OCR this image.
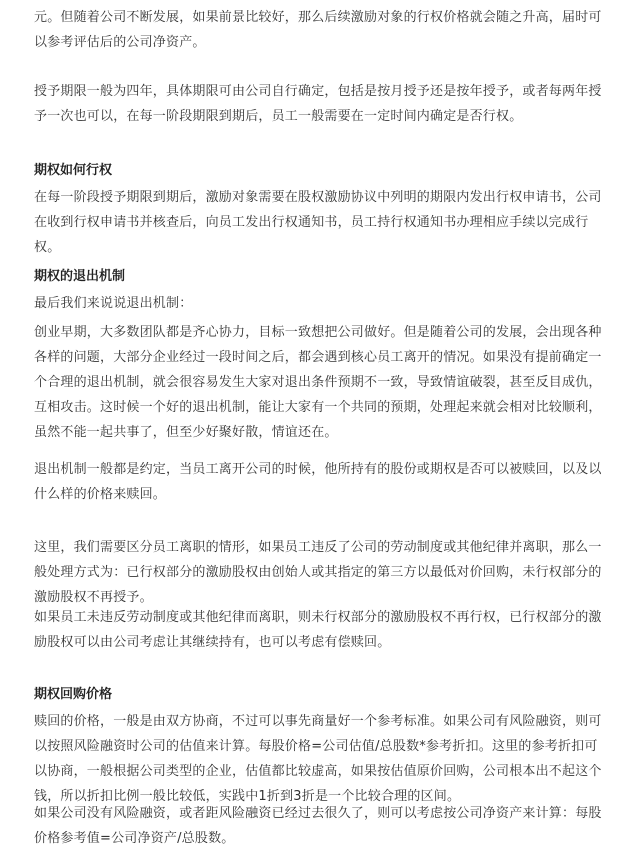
元。但随着公司不断发展，如果前景比较好，那么后续激励对象的行权价格就会随之升高，届时可以参考评估后的公司净资产。

授予期限一般为四年，具体期限可由公司自行确定，包括是按月授予还是按年授予，或者每两年授予一次也可以，在每一阶段期限到期后，员工一般需要在一定时间内确定是否行权。

期权如何行权

在每一阶段授予期限到期后，激励对象需要在股权激励协议中列明的期限内发出行权申请书，公司在收到行权申请书并核查后，向员工发出行权通知书，员工持行权通知书办理相应手续以完成行权。

期权的退出机制

最后我们来说说退出机制：

创业早期，大多数团队都是齐心协力，目标一致想把公司做好。但是随着公司的发展，会出现各种各样的问题，大部分企业经过一段时间之后，都会遇到核心员工离开的情况。如果没有提前确定一个合理的退出机制，就会很容易发生大家对退出条件预期不一致，导致情谊破裂，甚至反目成仇，互相攻击。这时候一个好的退出机制，能让大家有一个共同的预期，处理起来就会相对比较顺利，虽然不能一起共事了，但至少好聚好散，情谊还在。

退出机制一般都是约定，当员工离开公司的时候，他所持有的股份或期权是否可以被赎回，以及以什么样的价格来赎回。

这里，我们需要区分员工离职的情形，如果员工违反了公司的劳动制度或其他纪律并离职，那么一般处理方式为：已行权部分的激励股权由创始人或其指定的第三方以最低对价回购，未行权部分的激励股权不再授予。

如果员工未违反劳动制度或其他纪律而离职，则未行权部分的激励股权不再行权，已行权部分的激励股权可以由公司考虑让其继续持有，也可以考虑有偿赎回。

期权回购价格

赎回的价格，一般是由双方协商，不过可以事先商量好一个参考标准。如果公司有风险融资，则可以按照风险融资时公司的估值来计算。每股价格=公司估值/总股数*参考折扣。这里的参考折扣可以协商，一般根据公司类型的企业，估值都比较虚高，如果按估值原价回购，公司根本出不起这个钱，所以折扣比例一般比较低，实践中1折到3折是一个比较合理的区间。

如果公司没有风险融资，或者距风险融资已经过去很久了，则可以考虑按公司净资产来计算：每股价格参考值=公司净资产/总股数。
